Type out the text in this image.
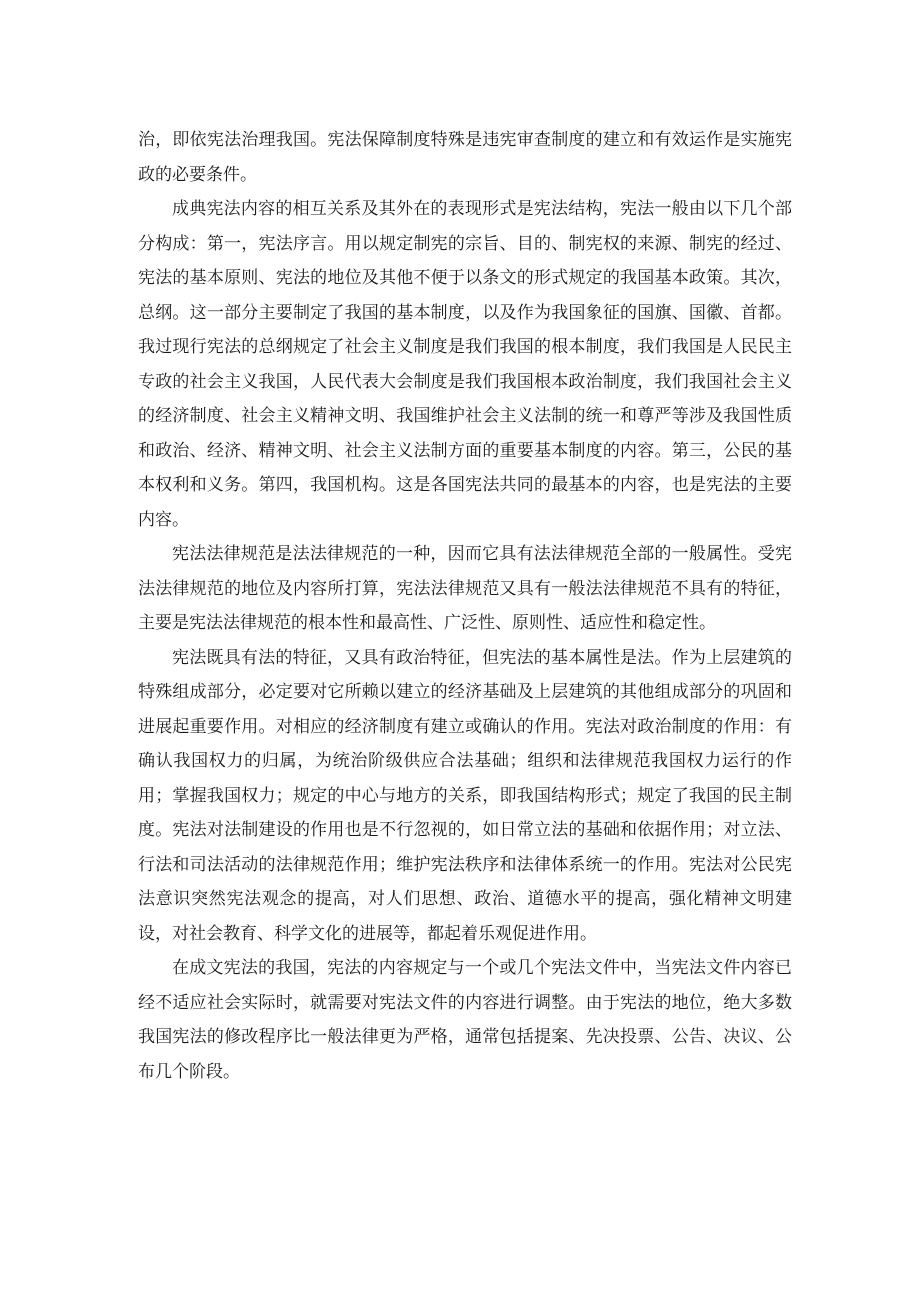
治，即依宪法治理我国。宪法保障制度特殊是违宪审查制度的建立和有效运作是实施宪政的必要条件。

成典宪法内容的相互关系及其外在的表现形式是宪法结构，宪法一般由以下几个部分构成：第一，宪法序言。用以规定制宪的宗旨、目的、制宪权的来源、制宪的经过、宪法的基本原则、宪法的地位及其他不便于以条文的形式规定的我国基本政策。其次，总纲。这一部分主要制定了我国的基本制度，以及作为我国象征的国旗、国徽、首都。我过现行宪法的总纲规定了社会主义制度是我们我国的根本制度，我们我国是人民民主专政的社会主义我国，人民代表大会制度是我们我国根本政治制度，我们我国社会主义的经济制度、社会主义精神文明、我国维护社会主义法制的统一和尊严等涉及我国性质和政治、经济、精神文明、社会主义法制方面的重要基本制度的内容。第三，公民的基本权利和义务。第四，我国机构。这是各国宪法共同的最基本的内容，也是宪法的主要内容。

宪法法律规范是法法律规范的一种，因而它具有法法律规范全部的一般属性。受宪法法律规范的地位及内容所打算，宪法法律规范又具有一般法法律规范不具有的特征，主要是宪法法律规范的根本性和最高性、广泛性、原则性、适应性和稳定性。

宪法既具有法的特征，又具有政治特征，但宪法的基本属性是法。作为上层建筑的特殊组成部分，必定要对它所赖以建立的经济基础及上层建筑的其他组成部分的巩固和进展起重要作用。对相应的经济制度有建立或确认的作用。宪法对政治制度的作用：有确认我国权力的归属，为统治阶级供应合法基础；组织和法律规范我国权力运行的作用；掌握我国权力；规定的中心与地方的关系，即我国结构形式；规定了我国的民主制度。宪法对法制建设的作用也是不行忽视的，如日常立法的基础和依据作用；对立法、行法和司法活动的法律规范作用；维护宪法秩序和法律体系统一的作用。宪法对公民宪法意识突然宪法观念的提高，对人们思想、政治、道德水平的提高，强化精神文明建设，对社会教育、科学文化的进展等，都起着乐观促进作用。

在成文宪法的我国，宪法的内容规定与一个或几个宪法文件中，当宪法文件内容已经不适应社会实际时，就需要对宪法文件的内容进行调整。由于宪法的地位，绝大多数我国宪法的修改程序比一般法律更为严格，通常包括提案、先决投票、公告、决议、公布几个阶段。
